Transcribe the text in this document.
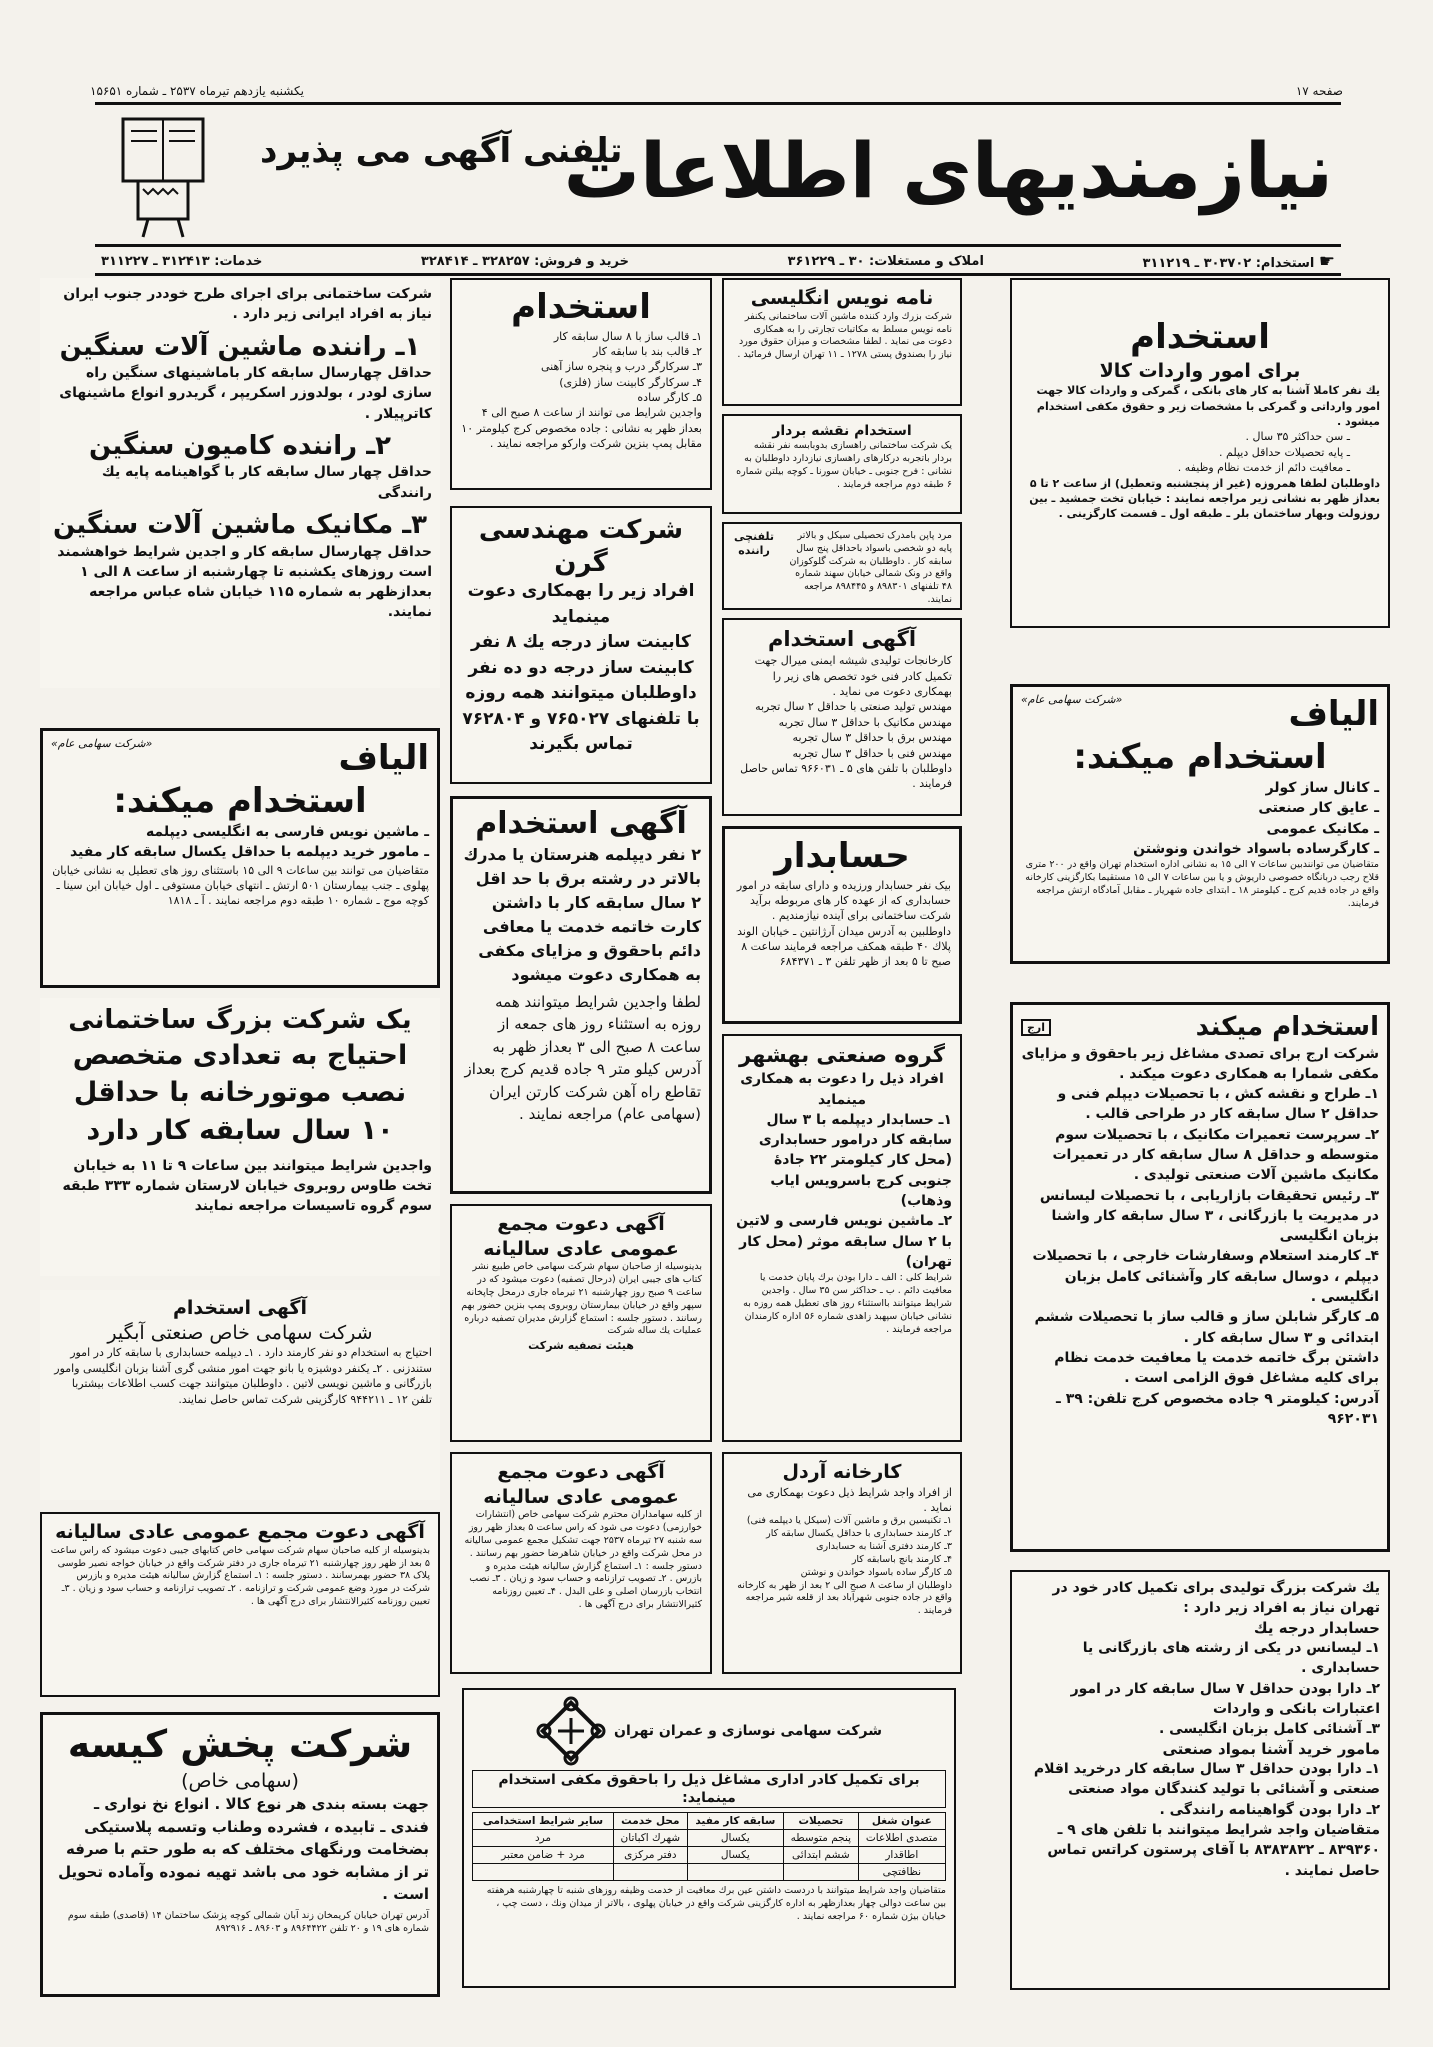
صفحه ۱۷
یکشنبه یازدهم تیرماه ۲۵۳۷ ـ شماره ۱۵۶۵۱
نیازمندیهای اطلاعات
تلفنی آگهی می پذیرد
☛ استخدام: ۳۰۳۷۰۲ ـ ۳۱۱۲۱۹
املاک و مستغلات: ۳۰ ـ ۳۶۱۲۲۹
خرید و فروش: ۳۲۸۲۵۷ ـ ۳۲۸۴۱۴
خدمات: ۳۱۲۴۱۳ ـ ۳۱۱۲۲۷
شرکت ساختمانی برای اجرای طرح خوددر جنوب ایران نیاز به افراد ایرانی زیر دارد .
۱ـ راننده ماشین آلات سنگین
حداقل چهارسال سابقه کار باماشینهای سنگین راه سازی لودر ، بولدوزر اسکریپر ، گریدرو انواع ماشینهای کاترپیلار .
۲ـ راننده کامیون سنگین
حداقل چهار سال سابقه کار با گواهینامه پایه یك رانندگی
۳ـ مکانیک ماشین آلات سنگین
حداقل چهارسال سابقه کار و اجدین شرایط خواهشمند است روزهای یکشنبه تا چهارشنبه از ساعت ۸ الی ۱ بعدازظهر به شماره ۱۱۵ خیابان شاه عباس مراجعه نمایند.
الیاف
«شرکت سهامی عام»
استخدام میکند:
ـ ماشین نویس فارسی به انگلیسی دیپلمه
ـ مامور خرید دیپلمه با حداقل یکسال سابقه کار مفید
متقاضیان می توانند بین ساعات ۹ الی ۱۵ باستثنای روز های تعطیل به نشانی خیابان پهلوی ـ جنب بیمارستان ۵۰۱ ارتش ـ انتهای خیابان مستوفی ـ اول خیابان ابن سینا ـ کوچه موج ـ شماره ۱۰ طبقه دوم مراجعه نمایند . آ ـ ۱۸۱۸
یک شرکت بزرگ ساختمانی
احتیاج به تعدادی متخصص نصب موتورخانه با حداقل ۱۰ سال سابقه کار دارد
واجدین شرایط میتوانند بین ساعات ۹ تا ۱۱ به خیابان تخت طاوس روبروی خیابان لارستان شماره ۳۳۳ طبقه سوم گروه تاسیسات مراجعه نمایند
آگهی استخدام
شرکت سهامی خاص صنعتی آبگیر
احتیاج به استخدام دو نفر کارمند دارد . ۱ـ دیپلمه حسابداری با سابقه کار در امور ستندزنی . ۲ـ یکنفر دوشیزه یا بانو جهت امور منشی گری آشنا بزبان انگلیسی وامور بازرگانی و ماشین نویسی لاتین . داوطلبان میتوانند جهت کسب اطلاعات بیشتربا تلفن ۱۲ ـ ۹۴۴۲۱۱ کارگزینی شرکت تماس حاصل نمایند.
آگهی دعوت مجمع عمومی عادی سالیانه
بدینوسیله از کلیه صاحبان سهام شرکت سهامی خاص کتابهای جیبی دعوت میشود که راس ساعت ۵ بعد از ظهر روز چهارشنبه ۲۱ تیرماه جاری در دفتر شرکت واقع در خیابان خواجه نصیر طوسی پلاک ۳۸ حضور بهمرسانند . دستور جلسه : ۱ـ استماع گزارش سالیانه هیئت مدیره و بازرس شرکت در مورد وضع عمومی شرکت و ترازنامه . ۲ـ تصویب ترازنامه و حساب سود و زیان . ۳ـ تعیین روزنامه کثیرالانتشار برای درج آگهی ها .
شرکت پخش کیسه
(سهامی خاص)
جهت بسته بندی هر نوع کالا . انواع نخ نواری ـ فندی ـ تابیده ، فشرده وطناب وتسمه پلاستیکی بضخامت ورنگهای مختلف که به طور حتم با صرفه تر از مشابه خود می باشد تهیه نموده وآماده تحویل است .
آدرس تهران خیابان کریمخان زند آبان شمالی کوچه پزشک ساختمان ۱۴ (قاصدی) طبقه سوم شماره های ۱۹ و ۲۰ تلفن ۸۹۶۴۴۲۲ و ۸۹۶۰۳ ـ ۸۹۲۹۱۶
استخدام
۱ـ قالب ساز با ۸ سال سابقه کار
۲ـ قالب بند با سابقه کار
۳ـ سرکارگر درب و پنجره ساز آهنی
۴ـ سرکارگر کابینت ساز (فلزی)
۵ـ کارگر ساده
واجدین شرایط می توانند از ساعت ۸ صبح الی ۴ بعداز ظهر به نشانی : جاده مخصوص کرج کیلومتر ۱۰ مقابل پمپ بنزین شرکت وارکو مراجعه نمایند .
شرکت مهندسی گرن
افراد زیر را بهمکاری دعوت مینماید
کابینت ساز درجه یك ۸ نفر
کابینت ساز درجه دو ده نفر
داوطلبان میتوانند همه روزه با تلفنهای ۷۶۵۰۲۷ و ۷۶۲۸۰۴ تماس بگیرند
آگهی استخدام
۲ نفر دیپلمه هنرستان یا مدرك بالاتر در رشته برق با حد اقل ۲ سال سابقه کار با داشتن کارت خاتمه خدمت یا معافی دائم باحقوق و مزایای مکفی به همکاری دعوت میشود
لطفا واجدین شرایط میتوانند همه روزه به استثناء روز های جمعه از ساعت ۸ صبح الی ۳ بعداز ظهر به آدرس کیلو متر ۹ جاده قدیم کرج بعداز تقاطع راه آهن شرکت کارتن ایران (سهامی عام) مراجعه نمایند .
آگهی دعوت مجمع عمومی عادی سالیانه
بدینوسیله از صاحبان سهام شرکت سهامی خاص طبیع نشر کتاب های جیبی ایران (درحال تصفیه) دعوت میشود که در ساعت ۹ صبح روز چهارشنبه ۲۱ تیرماه جاری درمحل چاپخانه سپهر واقع در خیابان بیمارستان روبروی پمپ بنزین حضور بهم رسانند . دستور جلسه : استماع گزارش مدیران تصفیه درباره عملیات یك ساله شرکت
هیئت تصفیه شرکت
آگهی دعوت مجمع عمومی عادی سالیانه
از کلیه سهامداران محترم شرکت سهامی خاص (انتشارات خوارزمی) دعوت می شود که راس ساعت ۵ بعداز ظهر روز سه شنبه ۲۷ تیرماه ۲۵۳۷ جهت تشکیل مجمع عمومی سالیانه در محل شرکت واقع در خیابان شاهرضا حضور بهم رسانند . دستور جلسه : ۱ـ استماع گزارش سالیانه هیئت مدیره و بازرس . ۲ـ تصویب ترازنامه و حساب سود و زیان . ۳ـ نصب انتخاب بازرسان اصلی و علی البدل . ۴ـ تعیین روزنامه کثیرالانتشار برای درج آگهی ها .
نامه نویس انگلیسی
شرکت بزرك وارد کننده ماشین آلات ساختمانی یکنفر نامه نویس مسلط به مکاتبات تجارتی را به همکاری دعوت می نماید . لطفا مشخصات و میزان حقوق مورد نیاز را بصندوق پستی ۱۲۷۸ ـ ۱۱ تهران ارسال فرمائید .
استخدام نقشه بردار
یک شرکت ساختمانی راهسازی بدوبابسه نفر نقشه بردار باتجربه درکارهای راهسازی نیازدارد داوطلبان به نشانی : فرح جنوبی ـ خیابان سورنا ـ کوچه بیلتن شماره ۶ طبقه دوم مراجعه فرمایند .
مرد پاپن بامدرک تحصیلی سیکل و بالاتر پایه دو شخصی باسواد باحداقل پنج سال سابقه کار . داوطلبان به شرکت گلوکوزان واقع در ونک شمالی خیابان سهند شماره ۴۸ تلفنهای ۸۹۸۳۰۱ و ۸۹۸۴۴۵ مراجعه نمایند.
تلفنچی راننده
آگهی استخدام
کارخانجات تولیدی شیشه ایمنی میرال جهت تکمیل کادر فنی خود تخصص های زیر را بهمکاری دعوت می نماید .
مهندس تولید صنعتی با حداقل ۲ سال تجربه
مهندس مکانیک با حداقل ۳ سال تجربه
مهندس برق با حداقل ۳ سال تجربه
مهندس فنی با حداقل ۳ سال تجربه
داوطلبان با تلفن های ۵ ـ ۹۶۶۰۳۱ تماس حاصل فرمایند .
حسابدار
بیک نفر حسابدار ورزیده و دارای سابقه در امور حسابداری که از عهده کار های مربوطه برآید شرکت ساختمانی برای آینده نیازمندیم . داوطلبین به آدرس میدان آرژانتین ـ خیابان الوند پلاك ۴۰ طبقه همکف مراجعه فرمایند ساعت ۸ صبح تا ۵ بعد از ظهر تلفن ۳ ـ ۶۸۴۳۷۱
گروه صنعتی بهشهر
افراد ذیل را دعوت به همکاری مینماید
۱ـ حسابدار دیپلمه با ۳ سال سابقه کار درامور حسابداری (محل کار کیلومتر ۲۲ جادۀ جنوبی کرج باسرویس ایاب وذهاب)
۲ـ ماشین نویس فارسی و لاتین با ۲ سال سابقه موثر (محل کار تهران)
شرایط کلی : الف ـ دارا بودن برك پایان خدمت یا معافیت دائم . ب ـ حداکثر سن ۳۵ سال . واجدین شرایط میتوانند بااستثناء روز های تعطیل همه روزه به نشانی خیابان سپهبد زاهدی شماره ۵۶ اداره کارمندان مراجعه فرمایند .
کارخانه آردل
از افراد واجد شرایط ذیل دعوت بهمکاری می نماید .
۱ـ تکنیسین برق و ماشین آلات (سیکل یا دیپلمه فنی)
۲ـ کارمند حسابداری با حداقل یکسال سابقه کار
۳ـ کارمند دفتری آشنا به حسابداری
۴ـ کارمند بانچ باسابقه کار
۵ـ کارگر ساده باسواد خواندن و نوشتن
داوطلبان از ساعت ۸ صبح الی ۲ بعد از ظهر به کارخانه واقع در جاده جنوبی شهرآباد بعد از قلعه شیر مراجعه فرمایند .
شرکت سهامی نوسازی و عمران تهران
برای تکمیل کادر اداری مشاغل ذیل را باحقوق مکفی استخدام مینماید:
عنوان شغل	تحصیلات	سابقه کار مفید	محل خدمت	سایر شرایط استخدامی
متصدی اطلاعات	پنجم متوسطه	یکسال	شهرك اکباتان	مرد
اطاقدار	ششم ابتدائی	یکسال	دفتر مرکزی	مرد + ضامن معتبر
نظافتچی				
متقاضیان واجد شرایط میتوانند با دردست داشتن عین برك معافیت از خدمت وظیفه روزهای شنبه تا چهارشنبه هرهفته بین ساعت دوالی چهار بعدازظهر به اداره کارگزینی شرکت واقع در خیابان پهلوی ، بالاتر از میدان ونك ، دست چپ ، خیابان بیژن شماره ۶۰ مراجعه نمایند .
استخدام
برای امور واردات کالا
یك نفر کاملا آشنا به کار های بانکی ، گمرکی و واردات کالا جهت امور وارداتی و گمرکی با مشخصات زیر و حقوق مکفی استخدام میشود .
ـ سن حداکثر ۳۵ سال .
ـ پایه تحصیلات حداقل دیپلم .
ـ معافیت دائم از خدمت نظام وظیفه .
داوطلبان لطفا همروزه (غیر از پنجشنبه وتعطیل) از ساعت ۲ تا ۵ بعداز ظهر به نشانی زیر مراجعه نمایند : خیابان تخت جمشید ـ بین روزولت وبهار ساختمان بلر ـ طبقه اول ـ قسمت کارگزینی .
«شرکت سهامی عام»	الیاف
استخدام میکند:
ـ کانال ساز کولر
ـ عایق کار صنعتی
ـ مکانیک عمومی
ـ کارگرساده باسواد خواندن ونوشتن
متقاضیان می توانندبین ساعات ۷ الی ۱۵ به نشانی اداره استخدام تهران واقع در ۲۰۰ متری قلاح رجب دربانگاه خصوصی داریوش و یا بین ساعات ۷ الی ۱۵ مستقیما بکارگزینی کارخانه واقع در جاده قدیم کرج ـ کیلومتر ۱۸ ـ ابتدای جاده شهریار ـ مقابل آمادگاه ارتش مراجعه فرمایند.
استخدام میکند
ارج
شرکت ارج برای تصدی مشاغل زیر باحقوق و مزایای مکفی شمارا به همکاری دعوت میکند .
۱ـ طراح و نقشه کش ، با تحصیلات دیپلم فنی و حداقل ۲ سال سابقه کار در طراحی قالب .
۲ـ سرپرست تعمیرات مکانیک ، با تحصیلات سوم متوسطه و حداقل ۸ سال سابقه کار در تعمیرات مکانیک ماشین آلات صنعتی تولیدی .
۳ـ رئیس تحقیقات بازاریابی ، با تحصیلات لیسانس در مدیریت یا بازرگانی ، ۳ سال سابقه کار واشنا بزبان انگلیسی
۴ـ کارمند استعلام وسفارشات خارجی ، با تحصیلات دیپلم ، دوسال سابقه کار وآشنائی کامل بزبان انگلیسی .
۵ـ کارگر شابلن ساز و قالب ساز با تحصیلات ششم ابتدائی و ۳ سال سابقه کار .
داشتن برگ خاتمه خدمت یا معافیت خدمت نظام برای کلیه مشاغل فوق الزامی است .
آدرس: کیلومتر ۹ جاده مخصوص کرج تلفن: ۳۹ ـ ۹۶۲۰۳۱
یك شرکت بزرگ تولیدی برای تکمیل کادر خود در تهران نیاز به افراد زیر دارد :
حسابدار درجه یك
۱ـ لیسانس در یکی از رشته های بازرگانی یا حسابداری .
۲ـ دارا بودن حداقل ۷ سال سابقه کار در امور اعتبارات بانکی و واردات
۳ـ آشنائی کامل بزبان انگلیسی .
مامور خرید آشنا بمواد صنعتی
۱ـ دارا بودن حداقل ۳ سال سابقه کار درخرید اقلام صنعتی و آشنائی با تولید کنندگان مواد صنعتی
۲ـ دارا بودن گواهینامه رانندگی .
متقاضیان واجد شرایط میتوانند با تلفن های ۹ ـ ۸۳۹۳۶۰ ـ ۸۳۸۳۸۳۲ با آقای پرستون کراتس تماس حاصل نمایند .
